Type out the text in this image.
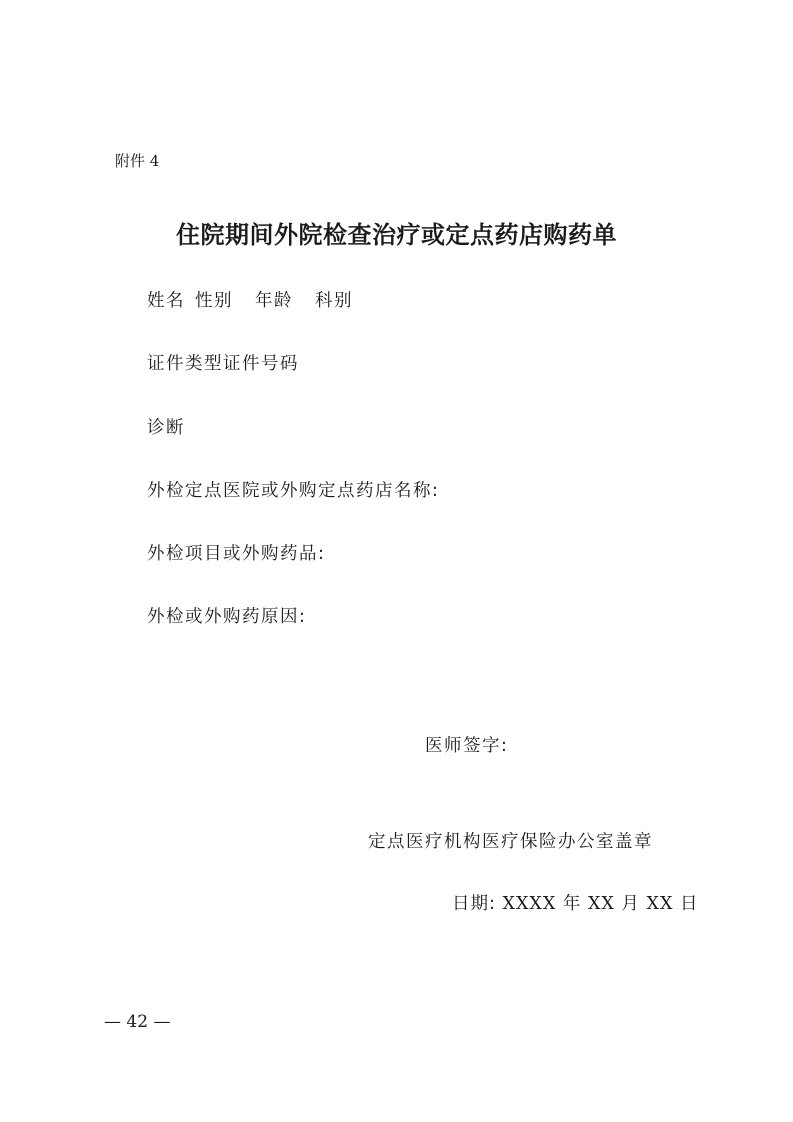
附件 4
住院期间外院检查治疗或定点药店购药单
姓名 性别 年龄 科别
证件类型证件号码
诊断
外检定点医院或外购定点药店名称:
外检项目或外购药品:
外检或外购药原因:
医师签字:
定点医疗机构医疗保险办公室盖章
日期: XXXX 年 XX 月 XX 日
— 42 —
